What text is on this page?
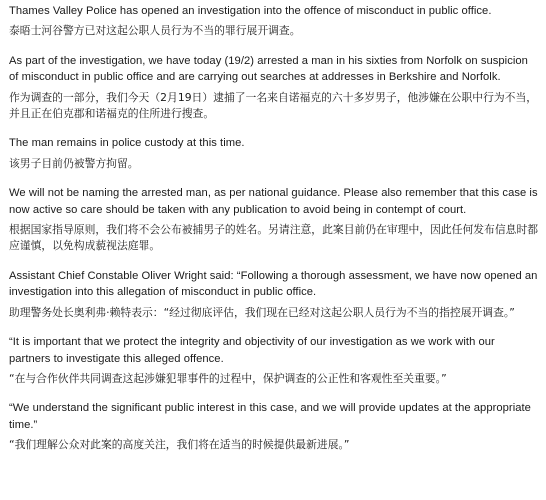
Thames Valley Police has opened an investigation into the offence of misconduct in public office.

泰晤士河谷警方已对这起公职人员行为不当的罪行展开调查。

As part of the investigation, we have today (19/2) arrested a man in his sixties from Norfolk on suspicion of misconduct in public office and are carrying out searches at addresses in Berkshire and Norfolk.

作为调查的一部分，我们今天（2月19日）逮捕了一名来自诺福克的六十多岁男子，他涉嫌在公职中行为不当，并且正在伯克郡和诺福克的住所进行搜查。

The man remains in police custody at this time.

该男子目前仍被警方拘留。

We will not be naming the arrested man, as per national guidance. Please also remember that this case is now active so care should be taken with any publication to avoid being in contempt of court.

根据国家指导原则，我们将不会公布被捕男子的姓名。另请注意，此案目前仍在审理中，因此任何发布信息时都应谨慎，以免构成藐视法庭罪。

Assistant Chief Constable Oliver Wright said: “Following a thorough assessment, we have now opened an investigation into this allegation of misconduct in public office.

助理警务处长奥利弗·赖特表示：“经过彻底评估，我们现在已经对这起公职人员行为不当的指控展开调查。”

“It is important that we protect the integrity and objectivity of our investigation as we work with our partners to investigate this alleged offence.

“在与合作伙伴共同调查这起涉嫌犯罪事件的过程中，保护调查的公正性和客观性至关重要。”

“We understand the significant public interest in this case, and we will provide updates at the appropriate time.”

“我们理解公众对此案的高度关注，我们将在适当的时候提供最新进展。”
